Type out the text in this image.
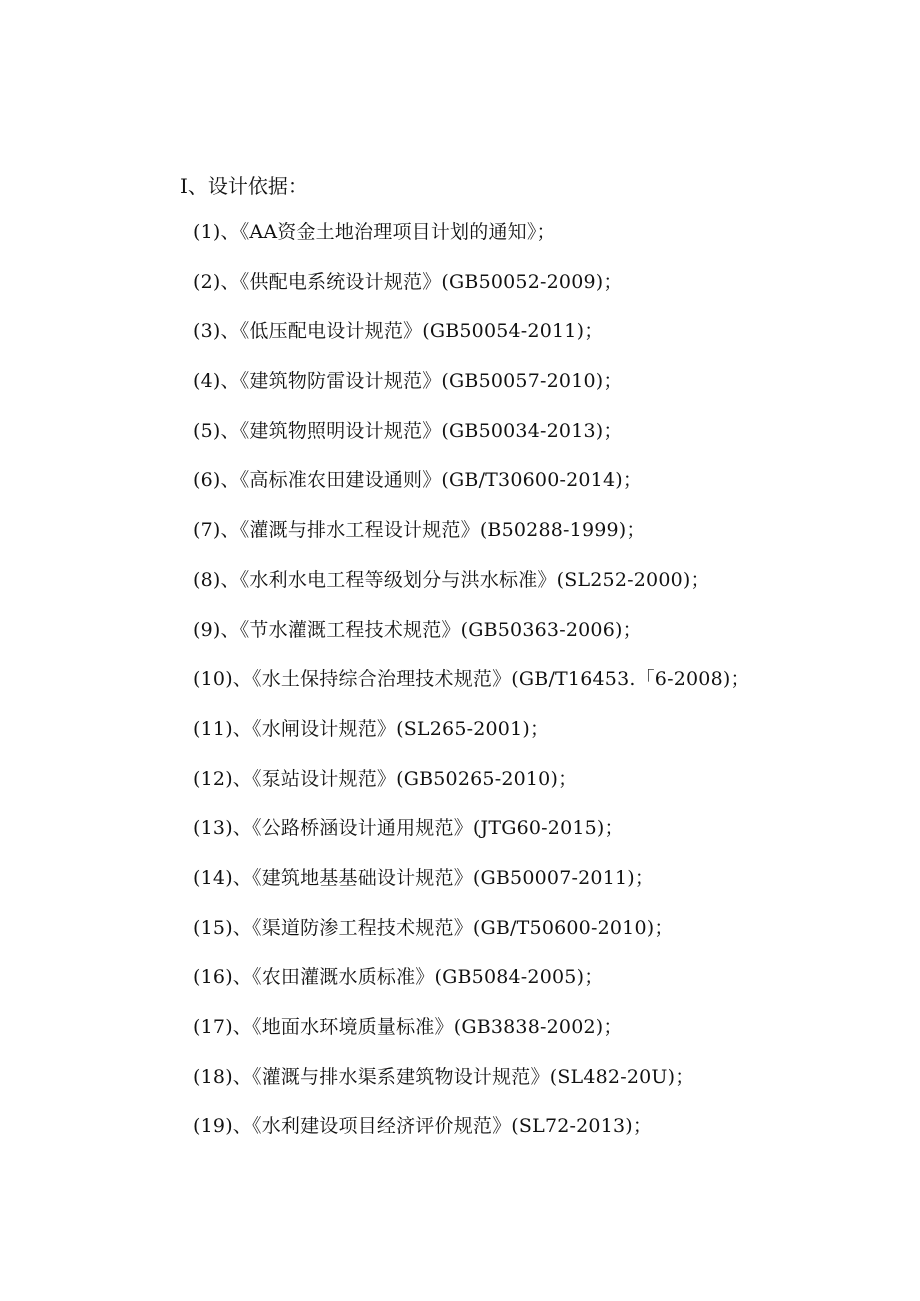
I、设计依据：
(1)、《AA资金土地治理项目计划的通知》；
(2)、《供配电系统设计规范》(GB50052-2009)；
(3)、《低压配电设计规范》(GB50054-2011)；
(4)、《建筑物防雷设计规范》(GB50057-2010)；
(5)、《建筑物照明设计规范》(GB50034-2013)；
(6)、《高标准农田建设通则》(GB/T30600-2014)；
(7)、《灌溉与排水工程设计规范》(B50288-1999)；
(8)、《水利水电工程等级划分与洪水标准》(SL252-2000)；
(9)、《节水灌溉工程技术规范》(GB50363-2006)；
(10)、《水土保持综合治理技术规范》(GB/T16453.「6-2008)；
(11)、《水闸设计规范》(SL265-2001)；
(12)、《泵站设计规范》(GB50265-2010)；
(13)、《公路桥涵设计通用规范》(JTG60-2015)；
(14)、《建筑地基基础设计规范》(GB50007-2011)；
(15)、《渠道防渗工程技术规范》(GB/T50600-2010)；
(16)、《农田灌溉水质标准》(GB5084-2005)；
(17)、《地面水环境质量标准》(GB3838-2002)；
(18)、《灌溉与排水渠系建筑物设计规范》(SL482-20U)；
(19)、《水利建设项目经济评价规范》(SL72-2013)；
